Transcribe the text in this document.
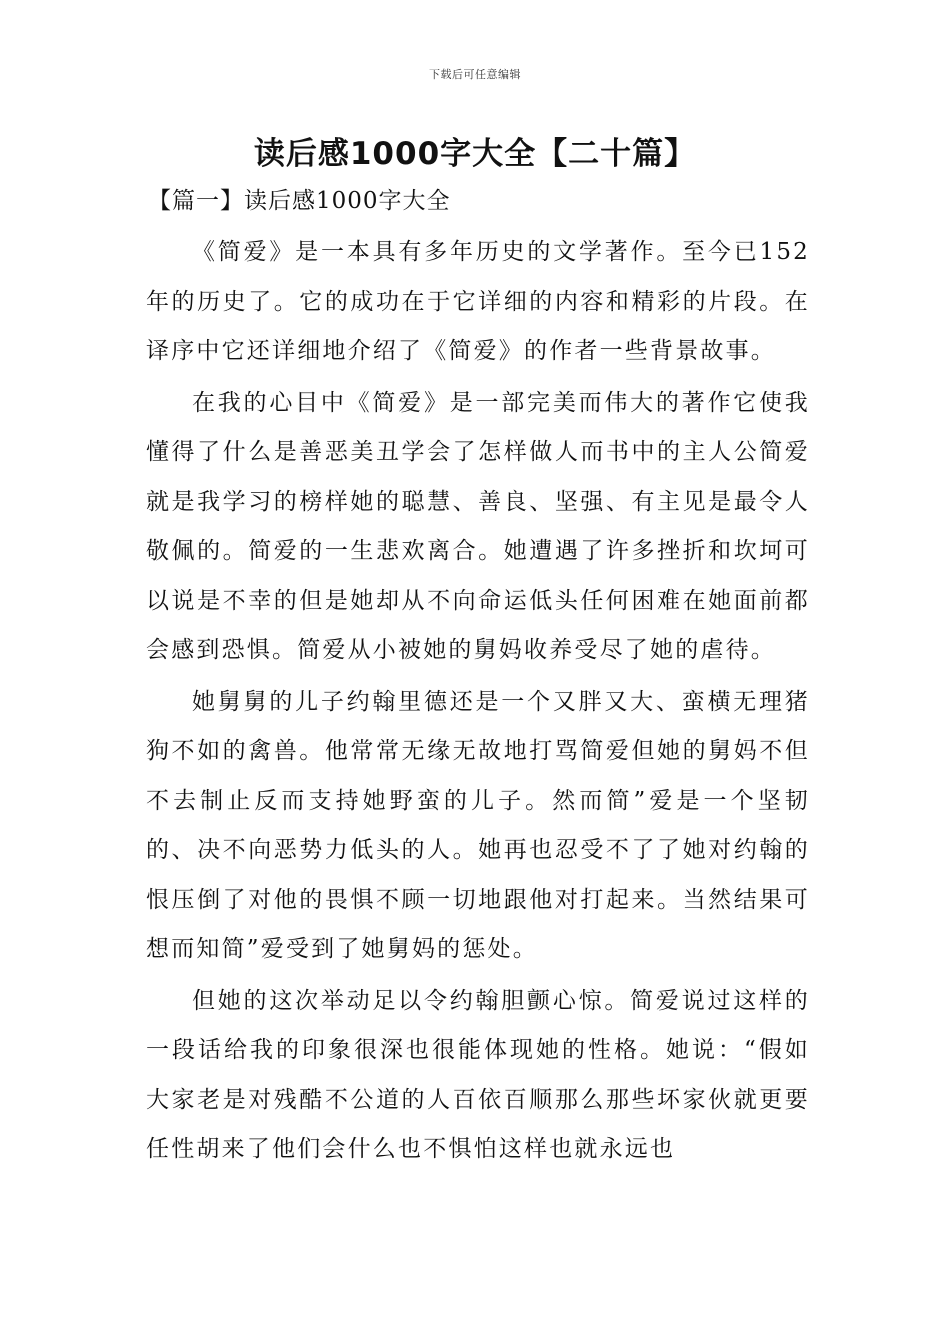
下载后可任意编辑
读后感1000字大全【二十篇】
【篇一】读后感1000字大全

《简爱》是一本具有多年历史的文学著作。至今已152年的历史了。它的成功在于它详细的内容和精彩的片段。在译序中它还详细地介绍了《简爱》的作者一些背景故事。

在我的心目中《简爱》是一部完美而伟大的著作它使我懂得了什么是善恶美丑学会了怎样做人而书中的主人公简爱就是我学习的榜样她的聪慧、善良、坚强、有主见是最令人敬佩的。简爱的一生悲欢离合。她遭遇了许多挫折和坎坷可以说是不幸的但是她却从不向命运低头任何困难在她面前都会感到恐惧。简爱从小被她的舅妈收养受尽了她的虐待。

她舅舅的儿子约翰里德还是一个又胖又大、蛮横无理猪狗不如的禽兽。他常常无缘无故地打骂简爱但她的舅妈不但不去制止反而支持她野蛮的儿子。然而简”爱是一个坚韧的、决不向恶势力低头的人。她再也忍受不了了她对约翰的恨压倒了对他的畏惧不顾一切地跟他对打起来。当然结果可想而知简”爱受到了她舅妈的惩处。

但她的这次举动足以令约翰胆颤心惊。简爱说过这样的一段话给我的印象很深也很能体现她的性格。她说：“假如大家老是对残酷不公道的人百依百顺那么那些坏家伙就更要任性胡来了他们会什么也不惧怕这样也就永远也
